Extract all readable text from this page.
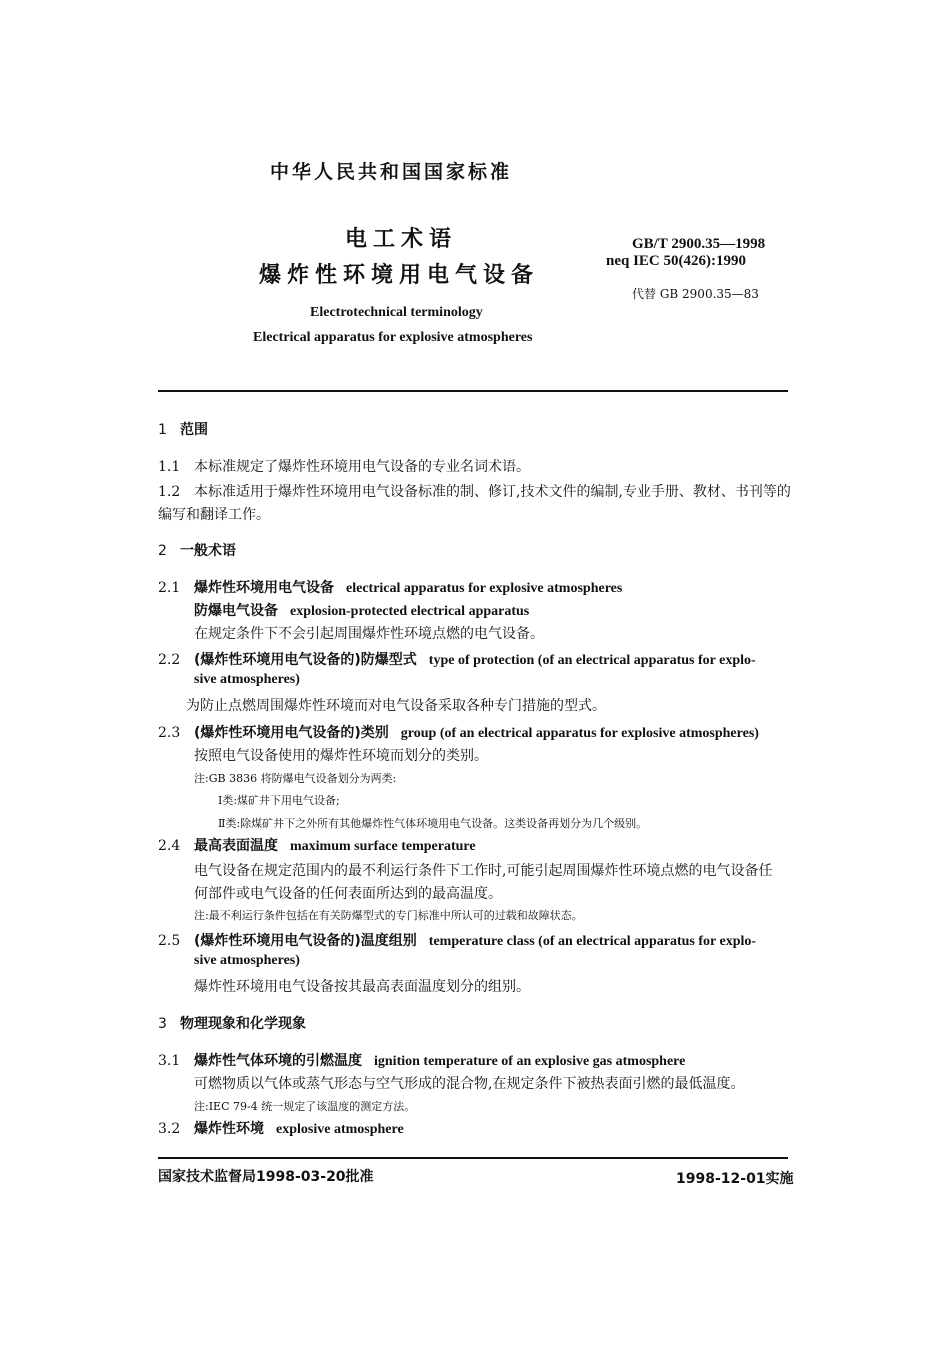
中华人民共和国国家标准
电工术语
爆炸性环境用电气设备
GB/T 2900.35—1998
neq IEC 50(426):1990
代替 GB 2900.35—83
Electrotechnical terminology
Electrical apparatus for explosive atmospheres
1 范围
1.1 本标准规定了爆炸性环境用电气设备的专业名词术语。
1.2 本标准适用于爆炸性环境用电气设备标准的制、修订,技术文件的编制,专业手册、教材、书刊等的
编写和翻译工作。
2 一般术语
2.1 爆炸性环境用电气设备 electrical apparatus for explosive atmospheres
防爆电气设备 explosion-protected electrical apparatus
在规定条件下不会引起周围爆炸性环境点燃的电气设备。
2.2 (爆炸性环境用电气设备的)防爆型式 type of protection (of an electrical apparatus for explo-
sive atmospheres)
为防止点燃周围爆炸性环境而对电气设备采取各种专门措施的型式。
2.3 (爆炸性环境用电气设备的)类别 group (of an electrical apparatus for explosive atmospheres)
按照电气设备使用的爆炸性环境而划分的类别。
注:GB 3836 将防爆电气设备划分为两类:
Ⅰ类:煤矿井下用电气设备;
Ⅱ类:除煤矿井下之外所有其他爆炸性气体环境用电气设备。这类设备再划分为几个级别。
2.4 最高表面温度 maximum surface temperature
电气设备在规定范围内的最不利运行条件下工作时,可能引起周围爆炸性环境点燃的电气设备任
何部件或电气设备的任何表面所达到的最高温度。
注:最不利运行条件包括在有关防爆型式的专门标准中所认可的过载和故障状态。
2.5 (爆炸性环境用电气设备的)温度组别 temperature class (of an electrical apparatus for explo-
sive atmospheres)
爆炸性环境用电气设备按其最高表面温度划分的组别。
3 物理现象和化学现象
3.1 爆炸性气体环境的引燃温度 ignition temperature of an explosive gas atmosphere
可燃物质以气体或蒸气形态与空气形成的混合物,在规定条件下被热表面引燃的最低温度。
注:IEC 79-4 统一规定了该温度的测定方法。
3.2 爆炸性环境 explosive atmosphere
国家技术监督局1998-03-20批准	1998-12-01实施
